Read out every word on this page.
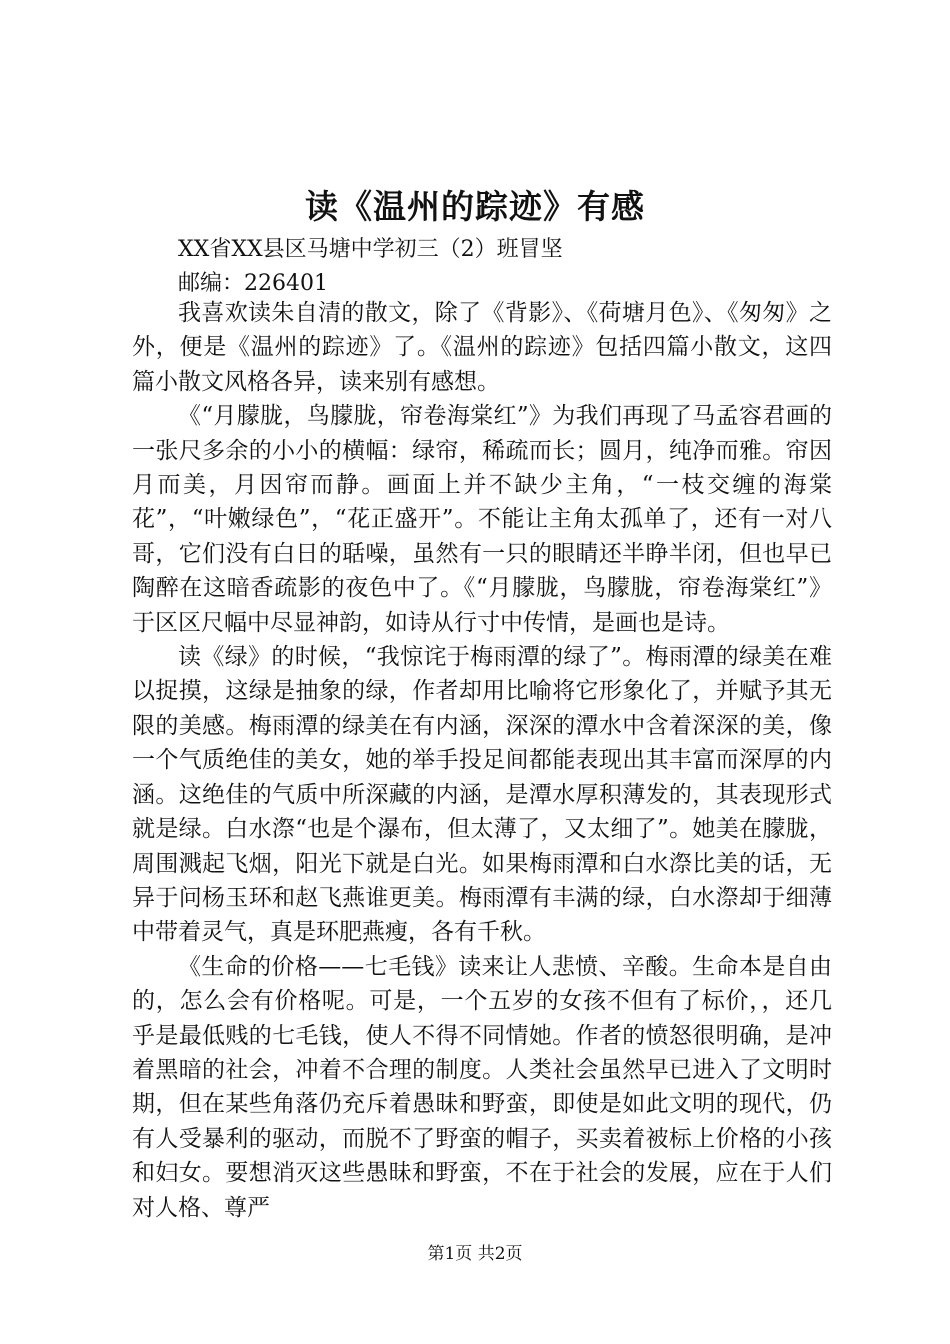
读《温州的踪迹》有感
XX省XX县区马塘中学初三（2）班冒坚
邮编：226401

我喜欢读朱自清的散文，除了《背影》、《荷塘月色》、《匆匆》之外，便是《温州的踪迹》了。《温州的踪迹》包括四篇小散文，这四篇小散文风格各异，读来别有感想。

《“月朦胧，鸟朦胧，帘卷海棠红”》为我们再现了马孟容君画的一张尺多余的小小的横幅：绿帘，稀疏而长；圆月，纯净而雅。帘因月而美，月因帘而静。画面上并不缺少主角，“一枝交缠的海棠花”，“叶嫩绿色”，“花正盛开”。不能让主角太孤单了，还有一对八哥，它们没有白日的聒噪，虽然有一只的眼睛还半睁半闭，但也早已陶醉在这暗香疏影的夜色中了。《“月朦胧，鸟朦胧，帘卷海棠红”》于区区尺幅中尽显神韵，如诗从行寸中传情，是画也是诗。

读《绿》的时候，“我惊诧于梅雨潭的绿了”。梅雨潭的绿美在难以捉摸，这绿是抽象的绿，作者却用比喻将它形象化了，并赋予其无限的美感。梅雨潭的绿美在有内涵，深深的潭水中含着深深的美，像一个气质绝佳的美女，她的举手投足间都能表现出其丰富而深厚的内涵。这绝佳的气质中所深藏的内涵，是潭水厚积薄发的，其表现形式就是绿。白水漈“也是个瀑布，但太薄了，又太细了”。她美在朦胧，周围溅起飞烟，阳光下就是白光。如果梅雨潭和白水漈比美的话，无异于问杨玉环和赵飞燕谁更美。梅雨潭有丰满的绿，白水漈却于细薄中带着灵气，真是环肥燕瘦，各有千秋。

《生命的价格——七毛钱》读来让人悲愤、辛酸。生命本是自由的，怎么会有价格呢。可是，一个五岁的女孩不但有了标价，，还几乎是最低贱的七毛钱，使人不得不同情她。作者的愤怒很明确，是冲着黑暗的社会，冲着不合理的制度。人类社会虽然早已进入了文明时期，但在某些角落仍充斥着愚昧和野蛮，即使是如此文明的现代，仍有人受暴利的驱动，而脱不了野蛮的帽子，买卖着被标上价格的小孩和妇女。要想消灭这些愚昧和野蛮，不在于社会的发展，应在于人们对人格、尊严

第1页 共2页
